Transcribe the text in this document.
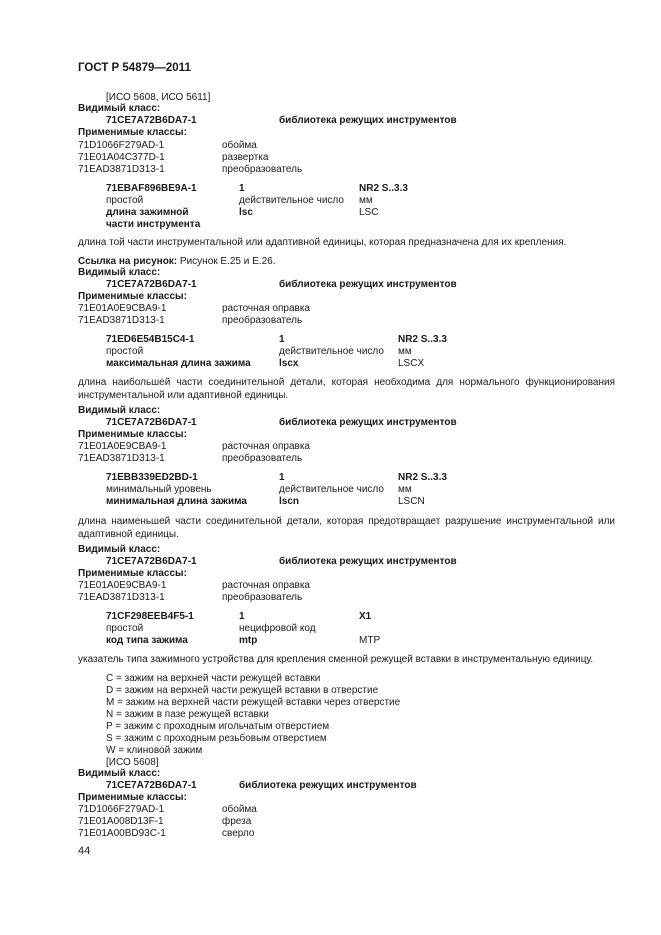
ГОСТ Р 54879—2011
[ИСО 5608, ИСО 5611]
Видимый класс:
71CE7A72B6DA7-1	библиотека режущих инструментов
Применимые классы:
71D1066F279AD-1	обойма
71E01A04C377D-1	развертка
71EAD3871D313-1	преобразователь
71EBAF896BE9A-1	1	NR2 S..3.3
простой	действительное число мм
длина зажимной	lsc	LSC
части инструмента
длина той части инструментальной или адаптивной единицы, которая предназначена для их крепления.
Ссылка на рисунок: Рисунок Е.25 и Е.26.
Видимый класс:
71CE7A72B6DA7-1	библиотека режущих инструментов
Применимые классы:
71E01A0E9CBA9-1	расточная оправка
71EAD3871D313-1	преобразователь
71ED6E54B15C4-1	1	NR2 S..3.3
простой	действительное число мм
максимальная длина зажима	lscx	LSCX
длина наибольшей части соединительной детали, которая необходима для нормального функционирования инструментальной или адаптивной единицы.
Видимый класс:
71CE7A72B6DA7-1	библиотека режущих инструментов
Применимые классы:
71E01A0E9CBA9-1	расточная оправка
71EAD3871D313-1	преобразователь
71EBB339ED2BD-1	1	NR2 S..3.3
минимальный уровень	действительное число мм
минимальная длина зажима	lscn	LSCN
длина наименьшей части соединительной детали, которая предотвращает разрушение инструментальной или адаптивной единицы.
Видимый класс:
71CE7A72B6DA7-1	библиотека режущих инструментов
Применимые классы:
71E01A0E9CBA9-1	расточная оправка
71EAD3871D313-1	преобразователь
71CF298EEB4F5-1	1	X1
простой	нецифровой код
код типа зажима	mtp	MTP
указатель типа зажимного устройства для крепления сменной режущей вставки в инструментальную единицу.
C = зажим на верхней части режущей вставки
D = зажим на верхней части режущей вставки в отверстие
M = зажим на верхней части режущей вставки через отверстие
N = зажим в пазе режущей вставки
P = зажим с проходным игольчатым отверстием
S = зажим с проходным резьбовым отверстием
W = клиновой зажим
[ИСО 5608]
Видимый класс:
71CE7A72B6DA7-1	библиотека режущих инструментов
Применимые классы:
71D1066F279AD-1	обойма
71E01A008D13F-1	фреза
71E01A00BD93C-1	сверло
44
